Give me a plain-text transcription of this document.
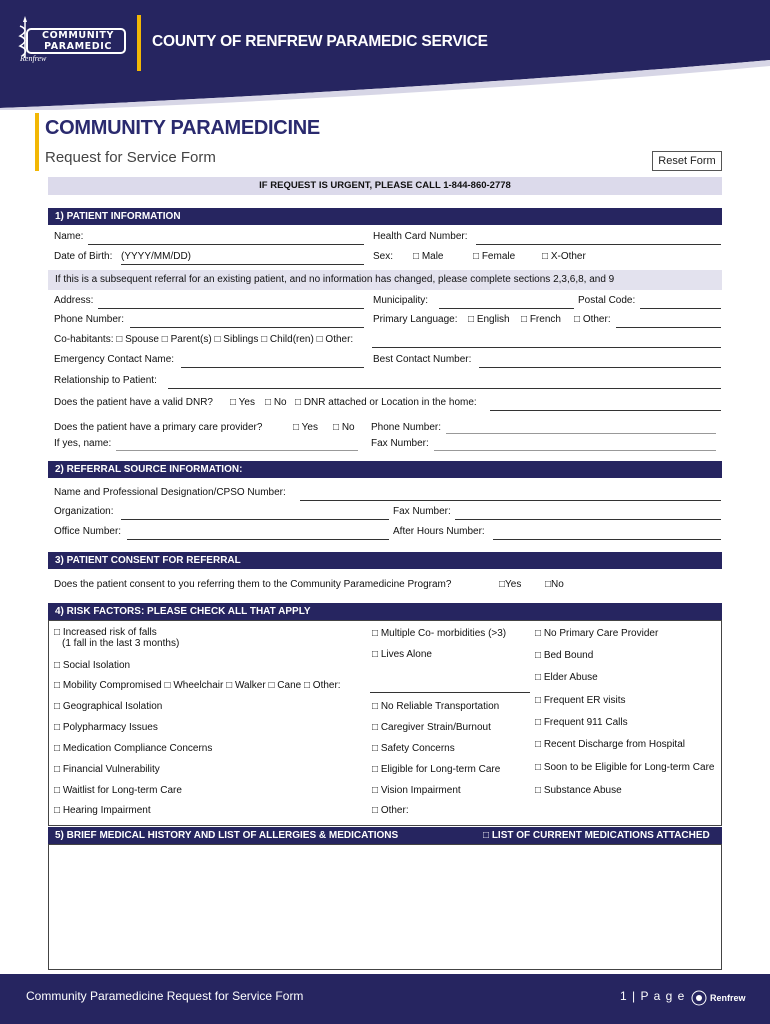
COMMUNITY
PARAMEDIC
Renfrew
COUNTY OF RENFREW PARAMEDIC SERVICE
COMMUNITY PARAMEDICINE
Request for Service Form	Reset Form
IF REQUEST IS URGENT, PLEASE CALL 1-844-860-2778
1) PATIENT INFORMATION
Name:	Health Card Number:
Date of Birth: (YYYY/MM/DD)	Sex: □ Male	□ Female	□ X-Other
If this is a subsequent referral for an existing patient, and no information has changed, please complete sections 2,3,6,8, and 9
Address:	Municipality:	Postal Code:
Phone Number:	Primary Language: □ English □ French □ Other:
Co-habitants: □ Spouse □ Parent(s) □ Siblings □ Child(ren) □ Other:
Emergency Contact Name:	Best Contact Number:
Relationship to Patient:
Does the patient have a valid DNR? □ Yes □ No □ DNR attached or Location in the home:
Does the patient have a primary care provider?	□ Yes □ No Phone Number:
If yes, name:	Fax Number:
2) REFERRAL SOURCE INFORMATION:
Name and Professional Designation/CPSO Number:
Organization:	Fax Number:
Office Number:	After Hours Number:
3) PATIENT CONSENT FOR REFERRAL
Does the patient consent to you referring them to the Community Paramedicine Program?	□Yes □No
4) RISK FACTORS: PLEASE CHECK ALL THAT APPLY
□ Increased risk of falls
(1 fall in the last 3 months)
□ Social Isolation
□ Mobility Compromised □ Wheelchair □ Walker □ Cane □ Other:
□ Geographical Isolation
□ Polypharmacy Issues
□ Medication Compliance Concerns
□ Financial Vulnerability
□ Waitlist for Long-term Care
□ Hearing Impairment
□ Multiple Co- morbidities (>3)
□ Lives Alone
□ No Reliable Transportation
□ Caregiver Strain/Burnout
□ Safety Concerns
□ Eligible for Long-term Care
□ Vision Impairment
□ Other:
□ No Primary Care Provider
□ Bed Bound
□ Elder Abuse
□ Frequent ER visits
□ Frequent 911 Calls
□ Recent Discharge from Hospital
□ Soon to be Eligible for Long-term Care
□ Substance Abuse
5) BRIEF MEDICAL HISTORY AND LIST OF ALLERGIES & MEDICATIONS	□ LIST OF CURRENT MEDICATIONS ATTACHED
Community Paramedicine Request for Service Form	1 | P a g e	Renfrew
